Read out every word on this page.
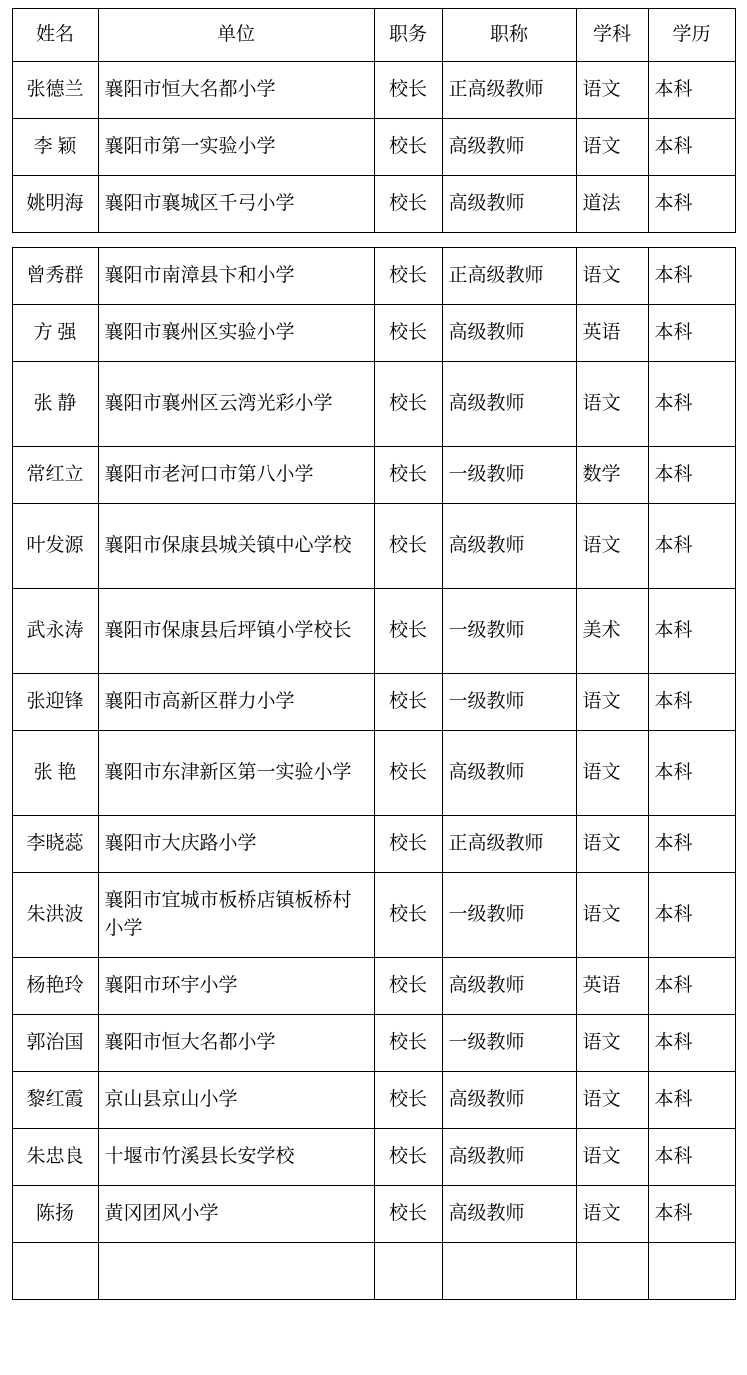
姓名	单位	职务	职称	学科	学历
张德兰	襄阳市恒大名都小学	校长	正高级教师	语文	本科
李 颖	襄阳市第一实验小学	校长	高级教师	语文	本科
姚明海	襄阳市襄城区千弓小学	校长	高级教师	道法	本科
曾秀群	襄阳市南漳县卞和小学	校长	正高级教师	语文	本科
方 强	襄阳市襄州区实验小学	校长	高级教师	英语	本科
张 静	襄阳市襄州区云湾光彩小学	校长	高级教师	语文	本科
常红立	襄阳市老河口市第八小学	校长	一级教师	数学	本科
叶发源	襄阳市保康县城关镇中心学校	校长	高级教师	语文	本科
武永涛	襄阳市保康县后坪镇小学校长	校长	一级教师	美术	本科
张迎锋	襄阳市高新区群力小学	校长	一级教师	语文	本科
张 艳	襄阳市东津新区第一实验小学	校长	高级教师	语文	本科
李晓蕊	襄阳市大庆路小学	校长	正高级教师	语文	本科
朱洪波	襄阳市宜城市板桥店镇板桥村小学	校长	一级教师	语文	本科
杨艳玲	襄阳市环宇小学	校长	高级教师	英语	本科
郭治国	襄阳市恒大名都小学	校长	一级教师	语文	本科
黎红霞	京山县京山小学	校长	高级教师	语文	本科
朱忠良	十堰市竹溪县长安学校	校长	高级教师	语文	本科
陈扬	黄冈团风小学	校长	高级教师	语文	本科
